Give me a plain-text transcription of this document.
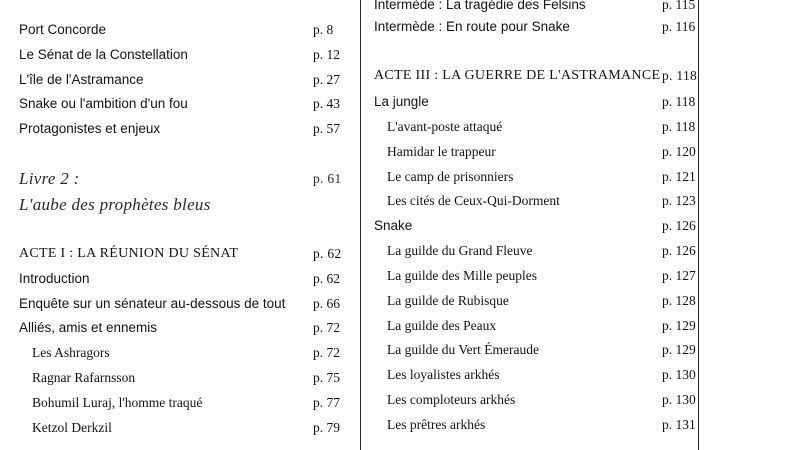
Port Concorde	p. 8
Le Sénat de la Constellation	p. 12
L'île de l'Astramance	p. 27
Snake ou l'ambition d'un fou	p. 43
Protagonistes et enjeux	p. 57
Livre 2 :	p. 61
L'aube des prophètes bleus
ACTE I : LA RÉUNION DU SÉNAT	p. 62
Introduction	p. 62
Enquête sur un sénateur au-dessous de tout p. 66
Alliés, amis et ennemis	p. 72
Les Ashragors	p. 72
Ragnar Rafarnsson	p. 75
Bohumil Luraj, l'homme traqué	p. 77
Ketzol Derkzil	p. 79
Intermède : La tragédie des Felsins	p. 115
Intermède : En route pour Snake	p. 116
ACTE III : LA GUERRE DE L'ASTRAMANCE p. 118
La jungle	p. 118
L'avant-poste attaqué	p. 118
Hamidar le trappeur	p. 120
Le camp de prisonniers	p. 121
Les cités de Ceux-Qui-Dorment	p. 123
Snake	p. 126
La guilde du Grand Fleuve	p. 126
La guilde des Mille peuples	p. 127
La guilde de Rubisque	p. 128
La guilde des Peaux	p. 129
La guilde du Vert Émeraude	p. 129
Les loyalistes arkhés	p. 130
Les comploteurs arkhés	p. 130
Les prêtres arkhés	p. 131
